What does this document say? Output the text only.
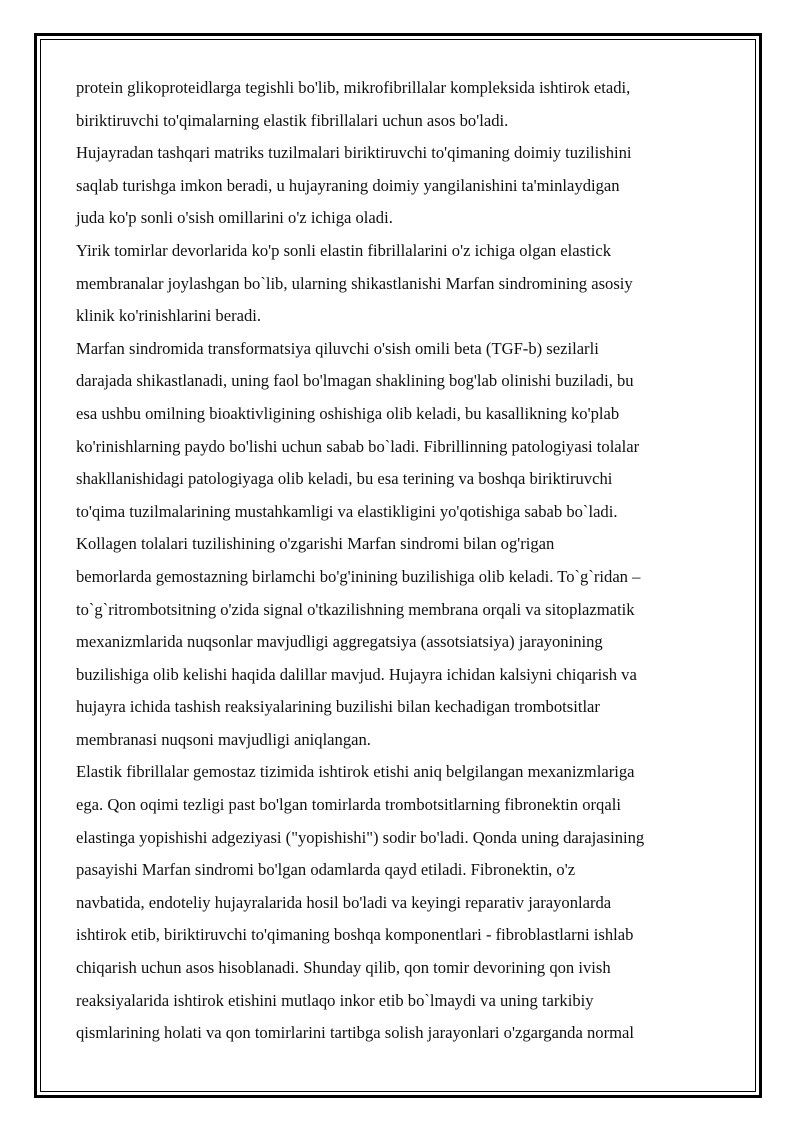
protein glikoproteidlarga tegishli bo'lib, mikrofibrillalar kompleksida ishtirok etadi,
biriktiruvchi to'qimalarning elastik fibrillalari uchun asos bo'ladi.
Hujayradan tashqari matriks tuzilmalari biriktiruvchi to'qimaning doimiy tuzilishini
saqlab turishga imkon beradi, u hujayraning doimiy yangilanishini ta'minlaydigan
juda ko'p sonli o'sish omillarini o'z ichiga oladi.
Yirik tomirlar devorlarida ko'p sonli elastin fibrillalarini o'z ichiga olgan elastick
membranalar joylashgan bo`lib, ularning shikastlanishi Marfan sindromining asosiy
klinik ko'rinishlarini beradi.
Marfan sindromida transformatsiya qiluvchi o'sish omili beta (TGF-b) sezilarli
darajada shikastlanadi, uning faol bo'lmagan shaklining bog'lab olinishi buziladi, bu
esa ushbu omilning bioaktivligining oshishiga olib keladi, bu kasallikning ko'plab
ko'rinishlarning paydo bo'lishi uchun sabab bo`ladi. Fibrillinning patologiyasi tolalar
shakllanishidagi patologiyaga olib keladi, bu esa terining va boshqa biriktiruvchi
to'qima tuzilmalarining mustahkamligi va elastikligini yo'qotishiga sabab bo`ladi.
Kollagen tolalari tuzilishining o'zgarishi Marfan sindromi bilan og'rigan
bemorlarda gemostazning birlamchi bo'g'inining buzilishiga olib keladi. To`g`ridan –
to`g`ritrombotsitning o'zida signal o'tkazilishning membrana orqali va sitoplazmatik
mexanizmlarida nuqsonlar mavjudligi aggregatsiya (assotsiatsiya) jarayonining
buzilishiga olib kelishi haqida dalillar mavjud. Hujayra ichidan kalsiyni chiqarish va
hujayra ichida tashish reaksiyalarining buzilishi bilan kechadigan trombotsitlar
membranasi nuqsoni mavjudligi aniqlangan.
Elastik fibrillalar gemostaz tizimida ishtirok etishi aniq belgilangan mexanizmlariga
ega. Qon oqimi tezligi past bo'lgan tomirlarda trombotsitlarning fibronektin orqali
elastinga yopishishi adgeziyasi ("yopishishi") sodir bo'ladi. Qonda uning darajasining
pasayishi Marfan sindromi bo'lgan odamlarda qayd etiladi. Fibronektin, o'z
navbatida, endoteliy hujayralarida hosil bo'ladi va keyingi reparativ jarayonlarda
ishtirok etib, biriktiruvchi to'qimaning boshqa komponentlari - fibroblastlarni ishlab
chiqarish uchun asos hisoblanadi. Shunday qilib, qon tomir devorining qon ivish
reaksiyalarida ishtirok etishini mutlaqo inkor etib bo`lmaydi va uning tarkibiy
qismlarining holati va qon tomirlarini tartibga solish jarayonlari o'zgarganda normal
